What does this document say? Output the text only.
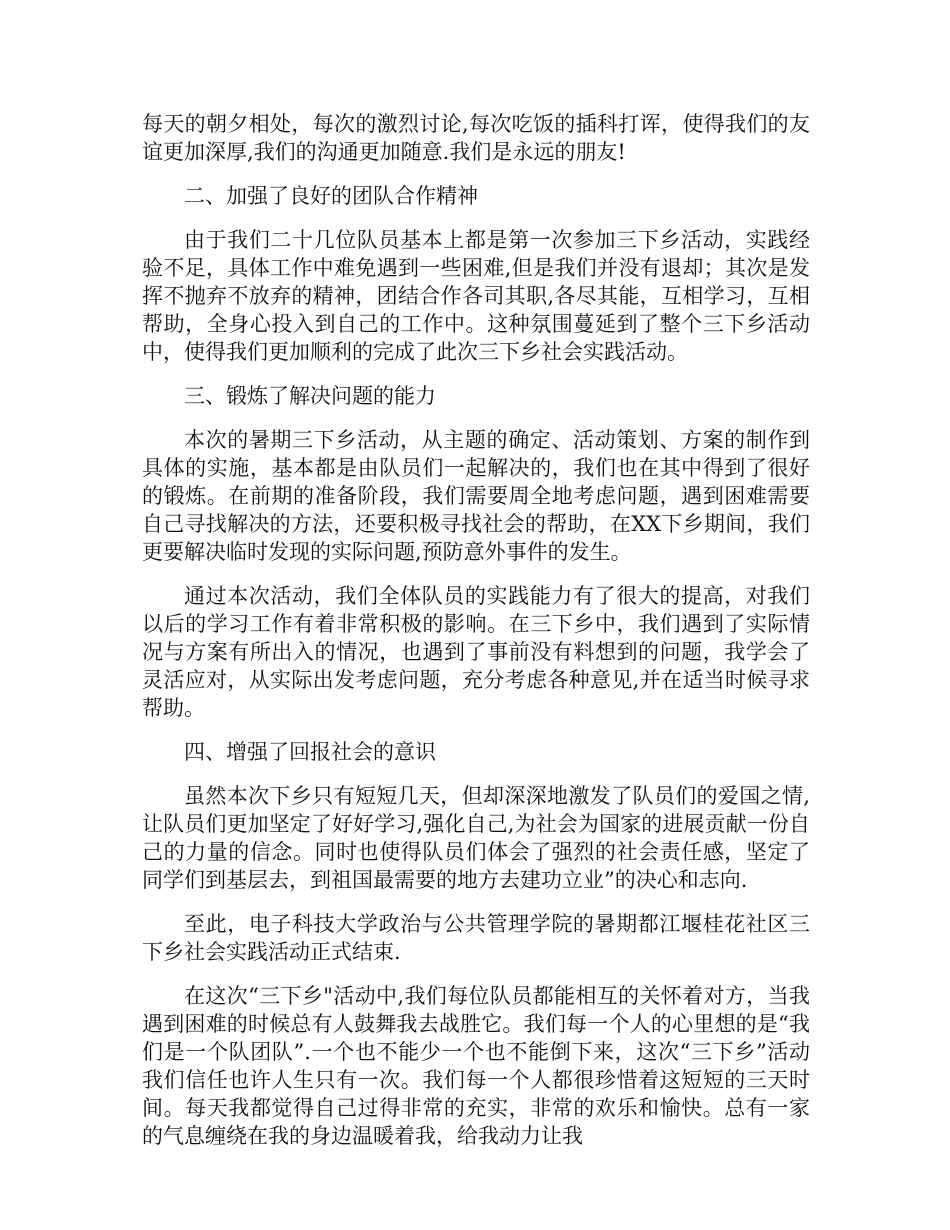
每天的朝夕相处，每次的激烈讨论,每次吃饭的插科打诨，使得我们的友谊更加深厚,我们的沟通更加随意.我们是永远的朋友!

二、加强了良好的团队合作精神

由于我们二十几位队员基本上都是第一次参加三下乡活动，实践经验不足，具体工作中难免遇到一些困难,但是我们并没有退却；其次是发挥不抛弃不放弃的精神，团结合作各司其职,各尽其能，互相学习，互相帮助，全身心投入到自己的工作中。这种氛围蔓延到了整个三下乡活动中，使得我们更加顺利的完成了此次三下乡社会实践活动。

三、锻炼了解决问题的能力

本次的暑期三下乡活动，从主题的确定、活动策划、方案的制作到具体的实施，基本都是由队员们一起解决的，我们也在其中得到了很好的锻炼。在前期的准备阶段，我们需要周全地考虑问题，遇到困难需要自己寻找解决的方法，还要积极寻找社会的帮助，在XX下乡期间，我们更要解决临时发现的实际问题,预防意外事件的发生。

通过本次活动，我们全体队员的实践能力有了很大的提高，对我们以后的学习工作有着非常积极的影响。在三下乡中，我们遇到了实际情况与方案有所出入的情况，也遇到了事前没有料想到的问题，我学会了灵活应对，从实际出发考虑问题，充分考虑各种意见,并在适当时候寻求帮助。

四、增强了回报社会的意识

虽然本次下乡只有短短几天，但却深深地激发了队员们的爱国之情,让队员们更加坚定了好好学习,强化自己,为社会为国家的进展贡献一份自己的力量的信念。同时也使得队员们体会了强烈的社会责任感，坚定了同学们到基层去，到祖国最需要的地方去建功立业”的决心和志向.

至此，电子科技大学政治与公共管理学院的暑期都江堰桂花社区三下乡社会实践活动正式结束.

在这次“三下乡"活动中,我们每位队员都能相互的关怀着对方，当我遇到困难的时候总有人鼓舞我去战胜它。我们每一个人的心里想的是“我们是一个队团队”.一个也不能少一个也不能倒下来，这次“三下乡”活动我们信任也许人生只有一次。我们每一个人都很珍惜着这短短的三天时间。每天我都觉得自己过得非常的充实，非常的欢乐和愉快。总有一家的气息缠绕在我的身边温暖着我，给我动力让我
